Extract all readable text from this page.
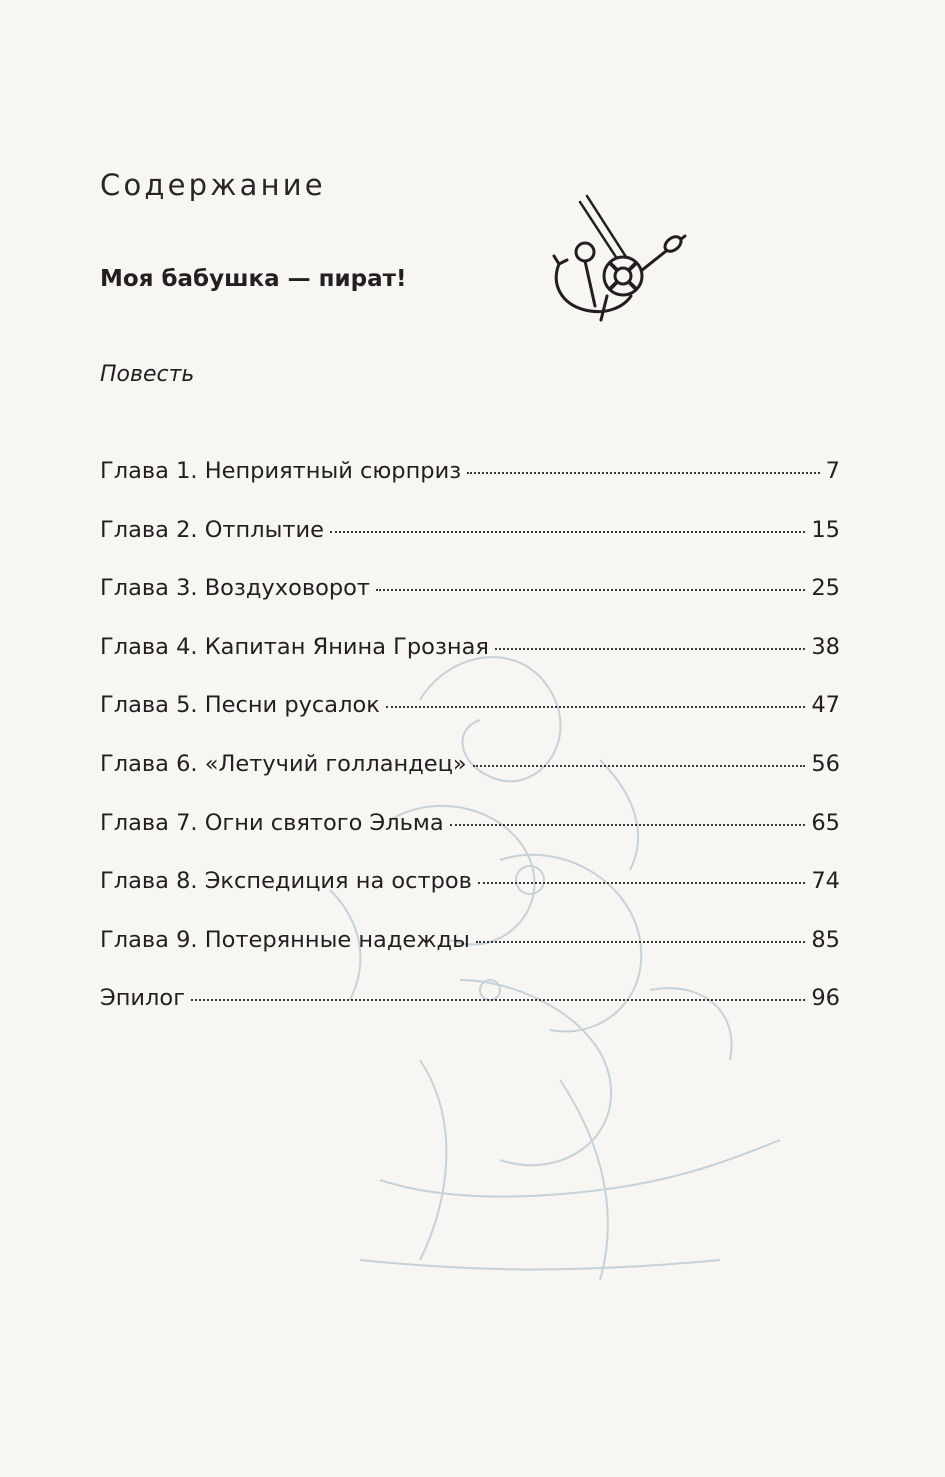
Содержание
Моя бабушка — пират!

Повесть

Глава 1. Неприятный сюрприз	7
Глава 2. Отплытие	15
Глава 3. Воздуховорот	25
Глава 4. Капитан Янина Грозная	38
Глава 5. Песни русалок	47
Глава 6. «Летучий голландец»	56
Глава 7. Огни святого Эльма	65
Глава 8. Экспедиция на остров	74
Глава 9. Потерянные надежды	85
Эпилог	96
